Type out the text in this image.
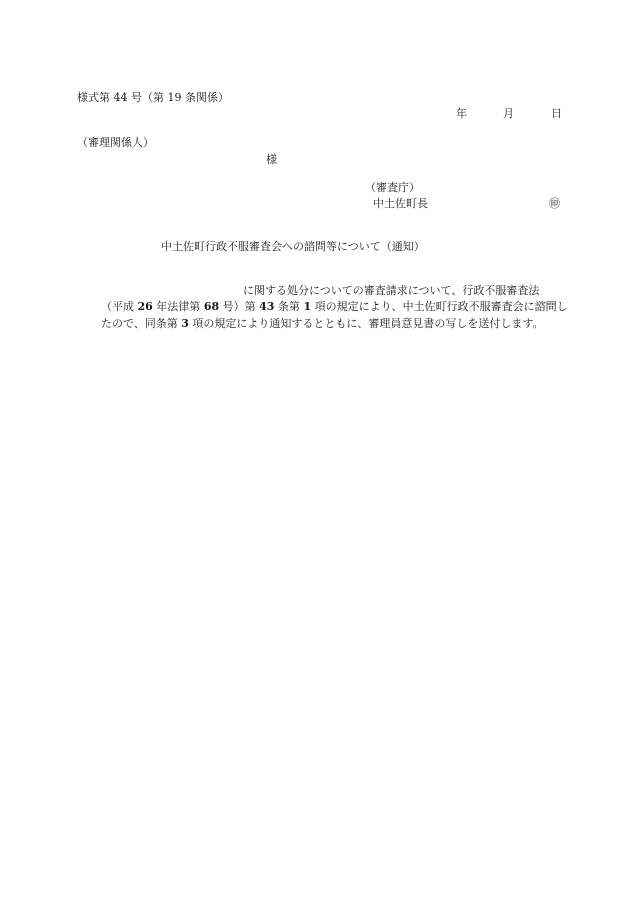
様式第 44 号（第 19 条関係）
年	月	日
（審理関係人）
様
（審査庁）
中土佐町長	㊞
中土佐町行政不服審査会への諮問等について（通知）
に関する処分についての審査請求について、行政不服審査法
（平成 26 年法律第 68 号）第 43 条第 1 項の規定により、中土佐町行政不服審査会に諮問し
たので、同条第 3 項の規定により通知するとともに、審理員意見書の写しを送付します。
